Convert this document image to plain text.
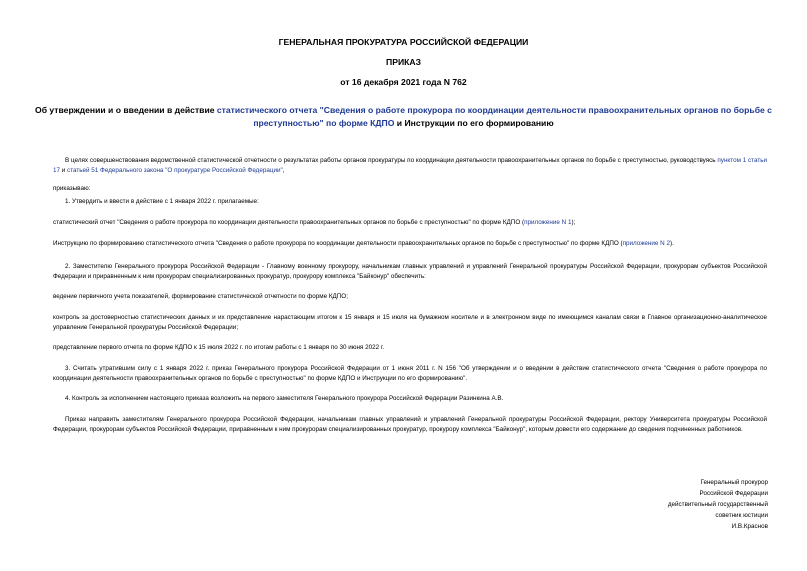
ГЕНЕРАЛЬНАЯ ПРОКУРАТУРА РОССИЙСКОЙ ФЕДЕРАЦИИ
ПРИКАЗ
от 16 декабря 2021 года N 762
Об утверждении и о введении в действие статистического отчета "Сведения о работе прокурора по координации деятельности правоохранительных органов по борьбе с преступностью" по форме КДПО и Инструкции по его формированию
В целях совершенствования ведомственной статистической отчетности о результатах работы органов прокуратуры по координации деятельности правоохранительных органов по борьбе с преступностью, руководствуясь пунктом 1 статьи 17 и статьей 51 Федерального закона "О прокуратуре Российской Федерации",
приказываю:
1. Утвердить и ввести в действие с 1 января 2022 г. прилагаемые:
статистический отчет "Сведения о работе прокурора по координации деятельности правоохранительных органов по борьбе с преступностью" по форме КДПО (приложение N 1);
Инструкцию по формированию статистического отчета "Сведения о работе прокурора по координации деятельности правоохранительных органов по борьбе с преступностью" по форме КДПО (приложение N 2).
2. Заместителю Генерального прокурора Российской Федерации - Главному военному прокурору, начальникам главных управлений и управлений Генеральной прокуратуры Российской Федерации, прокурорам субъектов Российской Федерации и приравненным к ним прокурорам специализированных прокуратур, прокурору комплекса "Байконур" обеспечить:
ведение первичного учета показателей, формирование статистической отчетности по форме КДПО;
контроль за достоверностью статистических данных и их представление нарастающим итогом к 15 января и 15 июля на бумажном носителе и в электронном виде по имеющимся каналам связи в Главное организационно-аналитическое управление Генеральной прокуратуры Российской Федерации;
представление первого отчета по форме КДПО к 15 июля 2022 г. по итогам работы с 1 января по 30 июня 2022 г.
3. Считать утратившим силу с 1 января 2022 г. приказ Генерального прокурора Российской Федерации от 1 июня 2011 г. N 156 "Об утверждении и о введении в действие статистического отчета "Сведения о работе прокурора по координации деятельности правоохранительных органов по борьбе с преступностью" по форме КДПО и Инструкции по его формированию".
4. Контроль за исполнением настоящего приказа возложить на первого заместителя Генерального прокурора Российской Федерации Разинкина А.В.
Приказ направить заместителям Генерального прокурора Российской Федерации, начальникам главных управлений и управлений Генеральной прокуратуры Российской Федерации, ректору Университета прокуратуры Российской Федерации, прокурорам субъектов Российской Федерации, приравненным к ним прокурорам специализированных прокуратур, прокурору комплекса "Байконур", которым довести его содержание до сведения подчиненных работников.
Генеральный прокурор
Российской Федерации
действительный государственный
советник юстиции
И.В.Краснов
